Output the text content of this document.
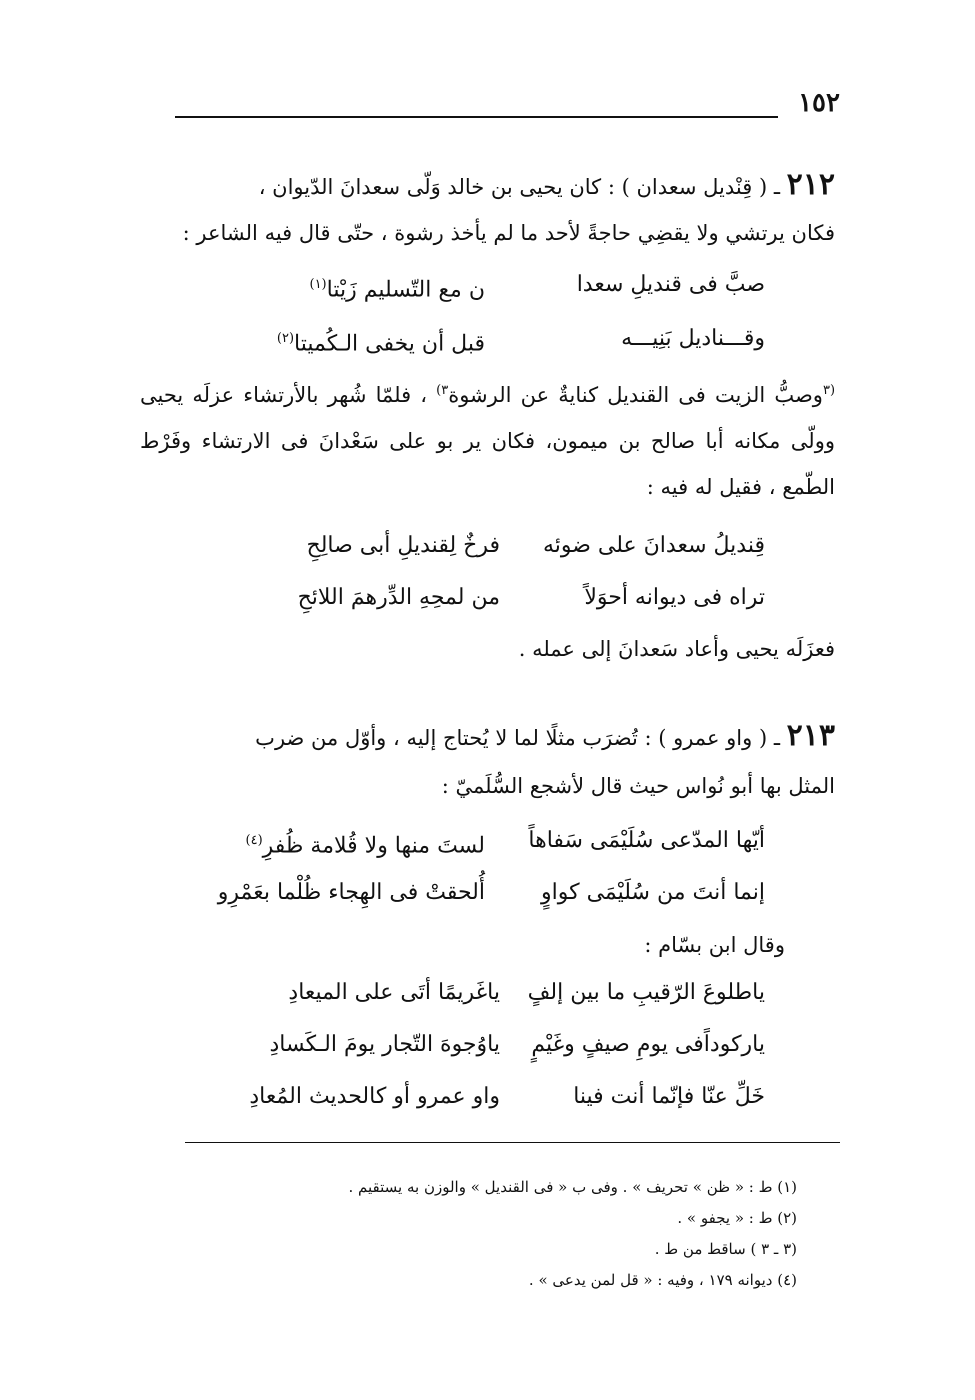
١٥٢
٢١٢ ـ ( قِنْديل سعدان ) : كان يحيى بن خالد وَلّى سعدانَ الدّيوان ،
فكان يرتشي ولا يقضِي حاجةً لأحد ما لم يأخذ رشوة ، حتّى قال فيه الشاعر :
صبَّ فى قنديلِ سعدا
ن مع التّسليم زَيْتا$^{(١)}$
وقـــناديل بَنِيـــه
قبل أن يخفى الـكُميتا$^{(٢)}$
$^{(٣}$وصبُّ الزيت فى القنديل كنايةٌ عن الرشوة$^{٣)}$ ، فلمّا شُهر بالأرتشاء عزلَه يحيى وولّى مكانه أبا صالح بن ميمون، فكان ير بو على سَعْدانَ فى الارتشاء وفَرْط الطّمع ، فقيل له فيه :
قِنديلُ سعدانَ على ضوئه
فرخٌ لِقنديلِ أبى صالِحِ
تراه فى ديوانه أحوَلاً
من لمحِهِ الدِّرهمَ اللائحِ
فعزَلَه يحيى وأعاد سَعدانَ إلى عمله .
٢١٣ ـ ( واو عمرو ) : تُضرَب مثلًا لما لا يُحتاج إليه ، وأوّل من ضرب
المثل بها أبو نُواس حيث قال لأشجع السُّلَميّ :
أيّها المدّعى سُلَيْمَى سَفاهاً
لستَ منها ولا قُلامة ظُفرِ$^{(٤)}$
إنما أنتَ من سُلَيْمَى كواوٍ
أُلحقتْ فى الهِجاء ظُلْما بعَمْرِو
وقال ابن بسّام :
ياطلوعَ الرّقيبِ ما بين إلفٍ
ياغَريمًا أتَى على الميعادِ
ياركوداًفى يومِ صيفٍ وغَيْمٍ
ياوُجوهَ التّجار يومَ الـكَسادِ
خَلِّ عنّا فإنّما أنت فينا
واو عمرو أو كالحديث المُعادِ
(١) ط : « ظن » تحريف » . وفى ب « فى القنديل » والوزن به يستقيم .
(٢) ط : « يجفو » .
(٣ ـ ٣ ) ساقط من ط .
(٤) ديوانه ١٧٩ ، وفيه : « قل لمن يدعى » .
